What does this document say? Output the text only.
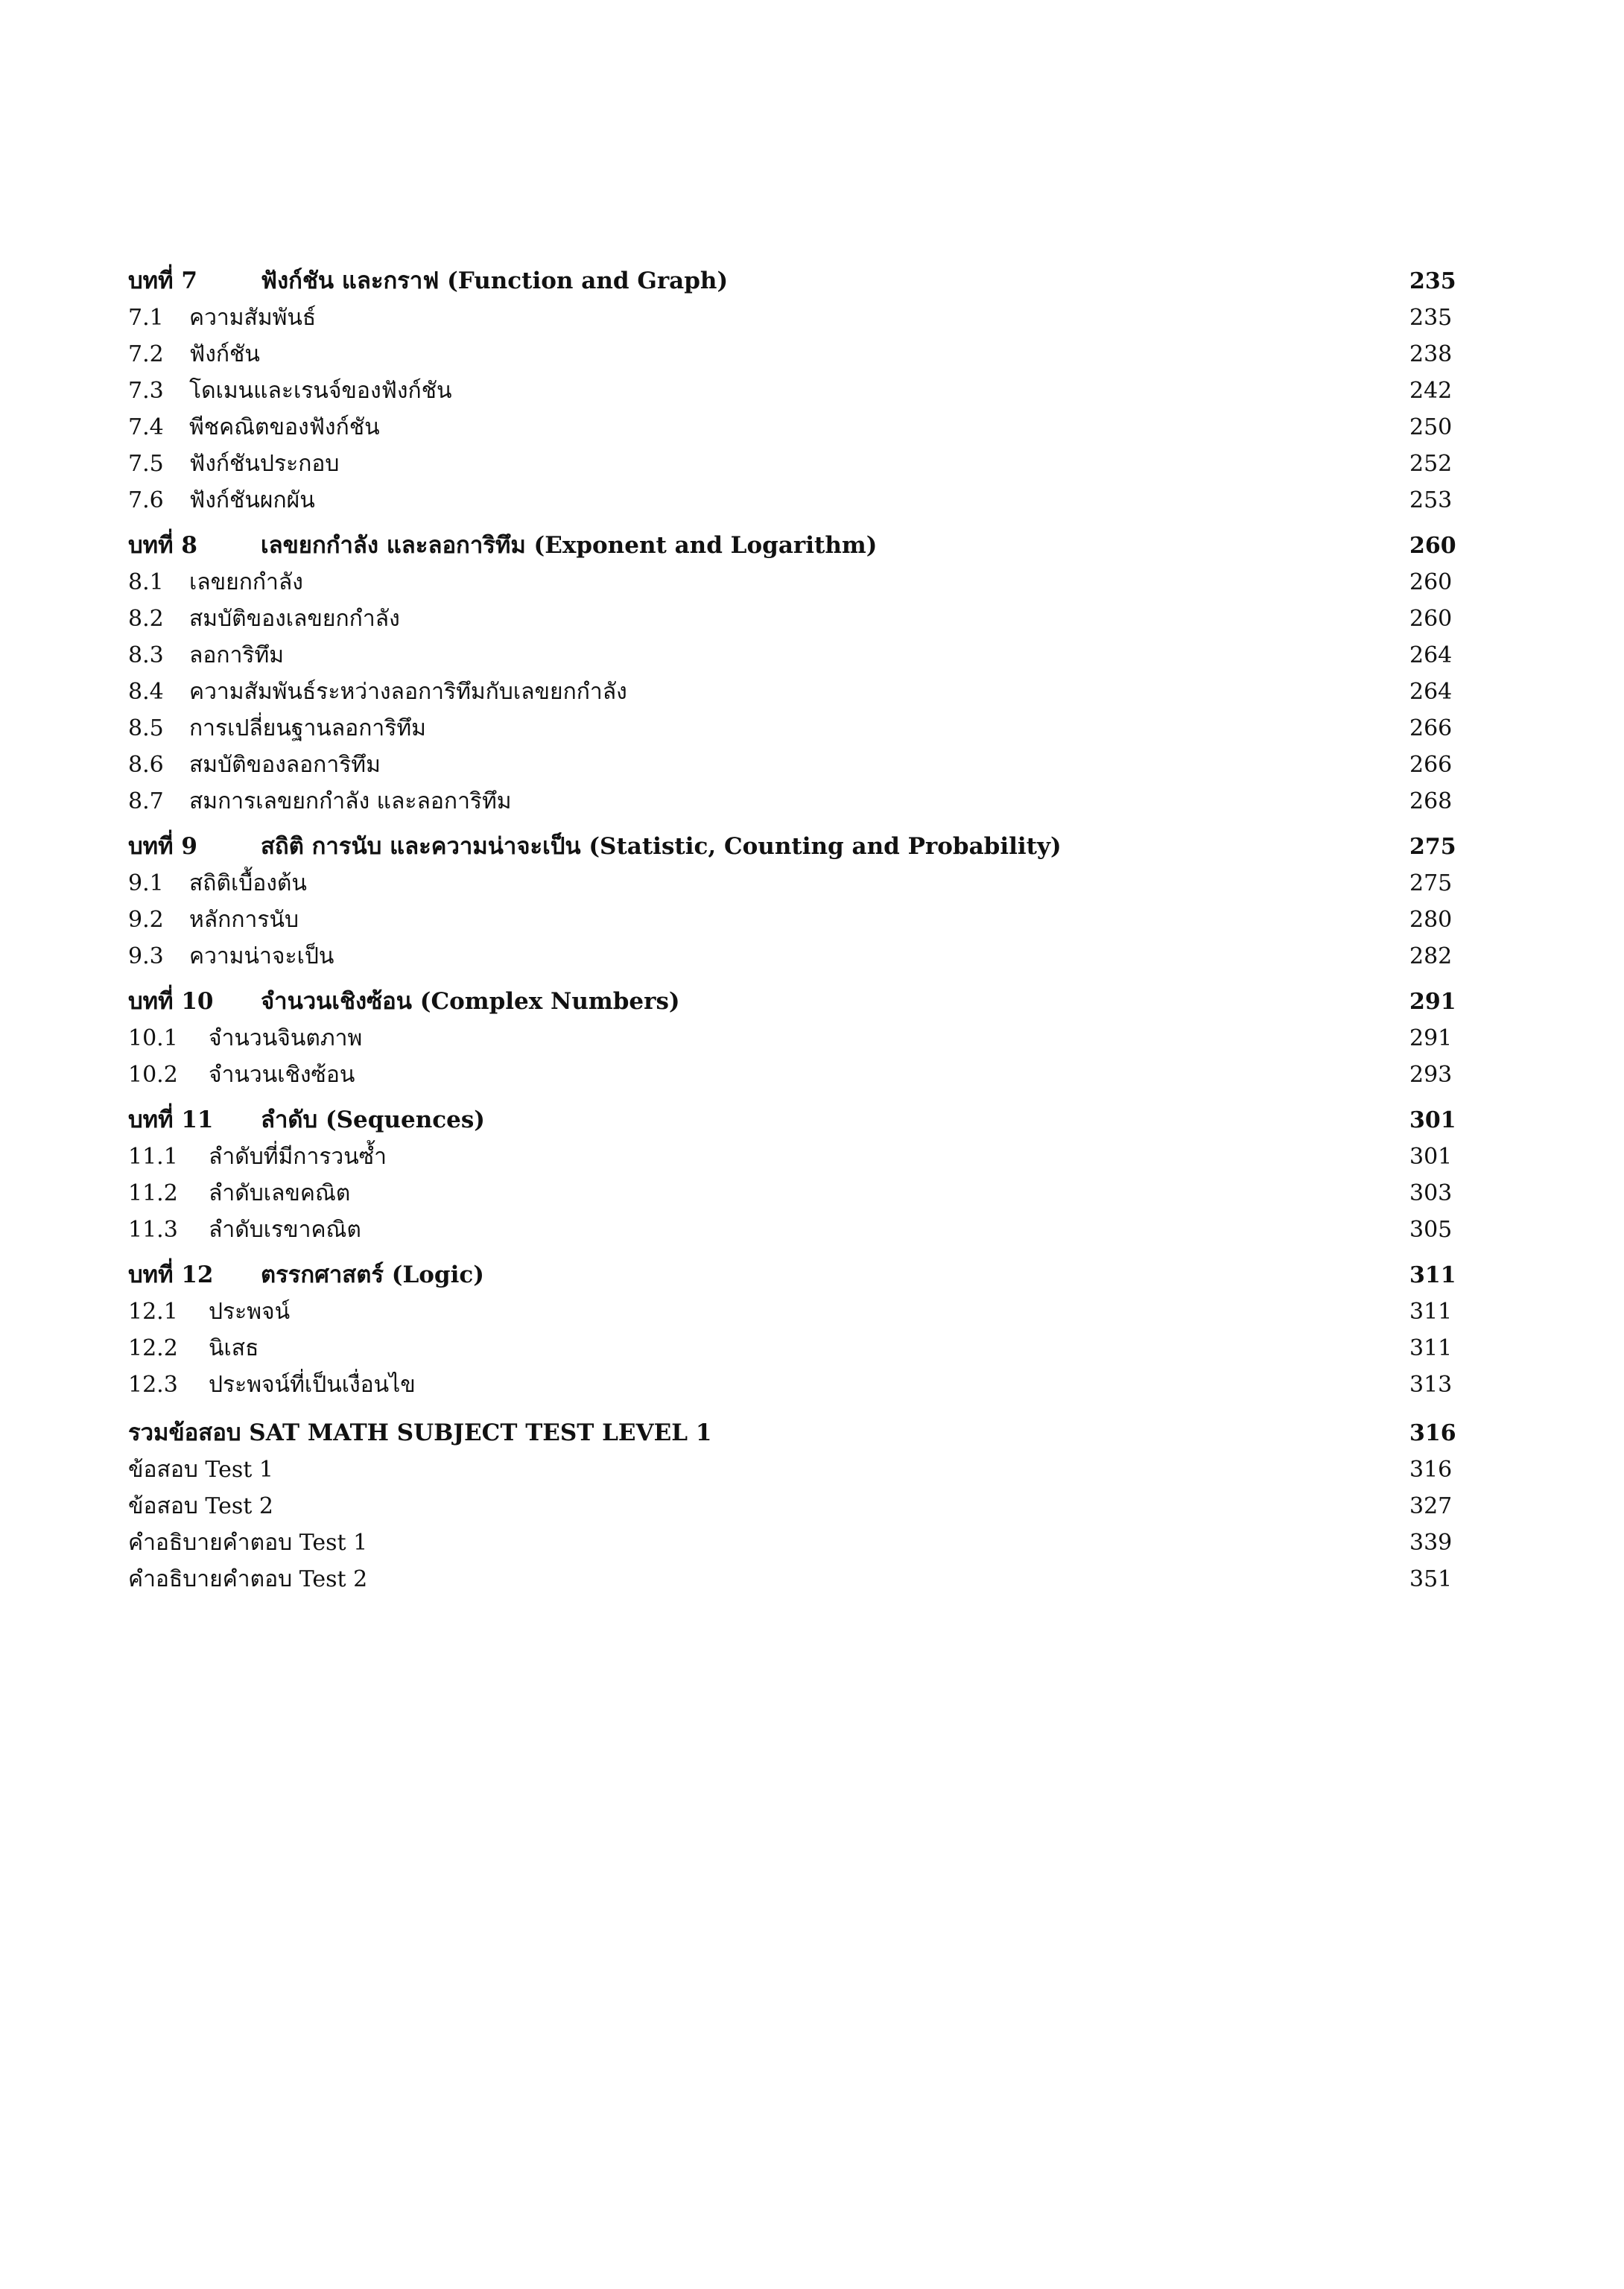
บทที่ 7	ฟังก์ชัน และกราฟ (Function and Graph)	235
7.1	ความสัมพันธ์	235
7.2	ฟังก์ชัน	238
7.3	โดเมนและเรนจ์ของฟังก์ชัน	242
7.4	พีชคณิตของฟังก์ชัน	250
7.5	ฟังก์ชันประกอบ	252
7.6	ฟังก์ชันผกผัน	253
บทที่ 8	เลขยกกำลัง และลอการิทึม (Exponent and Logarithm)	260
8.1	เลขยกกำลัง	260
8.2	สมบัติของเลขยกกำลัง	260
8.3	ลอการิทึม	264
8.4	ความสัมพันธ์ระหว่างลอการิทึมกับเลขยกกำลัง	264
8.5	การเปลี่ยนฐานลอการิทึม	266
8.6	สมบัติของลอการิทึม	266
8.7	สมการเลขยกกำลัง และลอการิทึม	268
บทที่ 9	สถิติ การนับ และความน่าจะเป็น (Statistic, Counting and Probability)	275
9.1	สถิติเบื้องต้น	275
9.2	หลักการนับ	280
9.3	ความน่าจะเป็น	282
บทที่ 10	จำนวนเชิงซ้อน (Complex Numbers)	291
10.1	จำนวนจินตภาพ	291
10.2	จำนวนเชิงซ้อน	293
บทที่ 11	ลำดับ (Sequences)	301
11.1	ลำดับที่มีการวนซ้ำ	301
11.2	ลำดับเลขคณิต	303
11.3	ลำดับเรขาคณิต	305
บทที่ 12	ตรรกศาสตร์ (Logic)	311
12.1	ประพจน์	311
12.2	นิเสธ	311
12.3	ประพจน์ที่เป็นเงื่อนไข	313
รวมข้อสอบ SAT MATH SUBJECT TEST LEVEL 1	316
ข้อสอบ Test 1	316
ข้อสอบ Test 2	327
คำอธิบายคำตอบ Test 1	339
คำอธิบายคำตอบ Test 2	351
